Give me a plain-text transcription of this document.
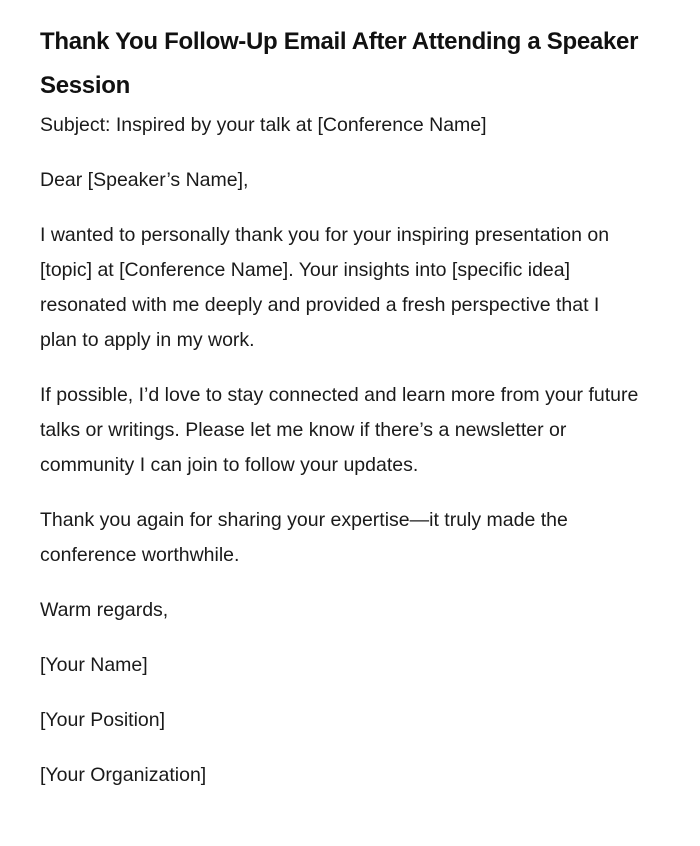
Thank You Follow-Up Email After Attending a Speaker Session

Subject: Inspired by your talk at [Conference Name]

Dear [Speaker’s Name],

I wanted to personally thank you for your inspiring presentation on [topic] at [Conference Name]. Your insights into [specific idea] resonated with me deeply and provided a fresh perspective that I plan to apply in my work.

If possible, I’d love to stay connected and learn more from your future talks or writings. Please let me know if there’s a newsletter or community I can join to follow your updates.

Thank you again for sharing your expertise—it truly made the conference worthwhile.

Warm regards,

[Your Name]

[Your Position]

[Your Organization]
